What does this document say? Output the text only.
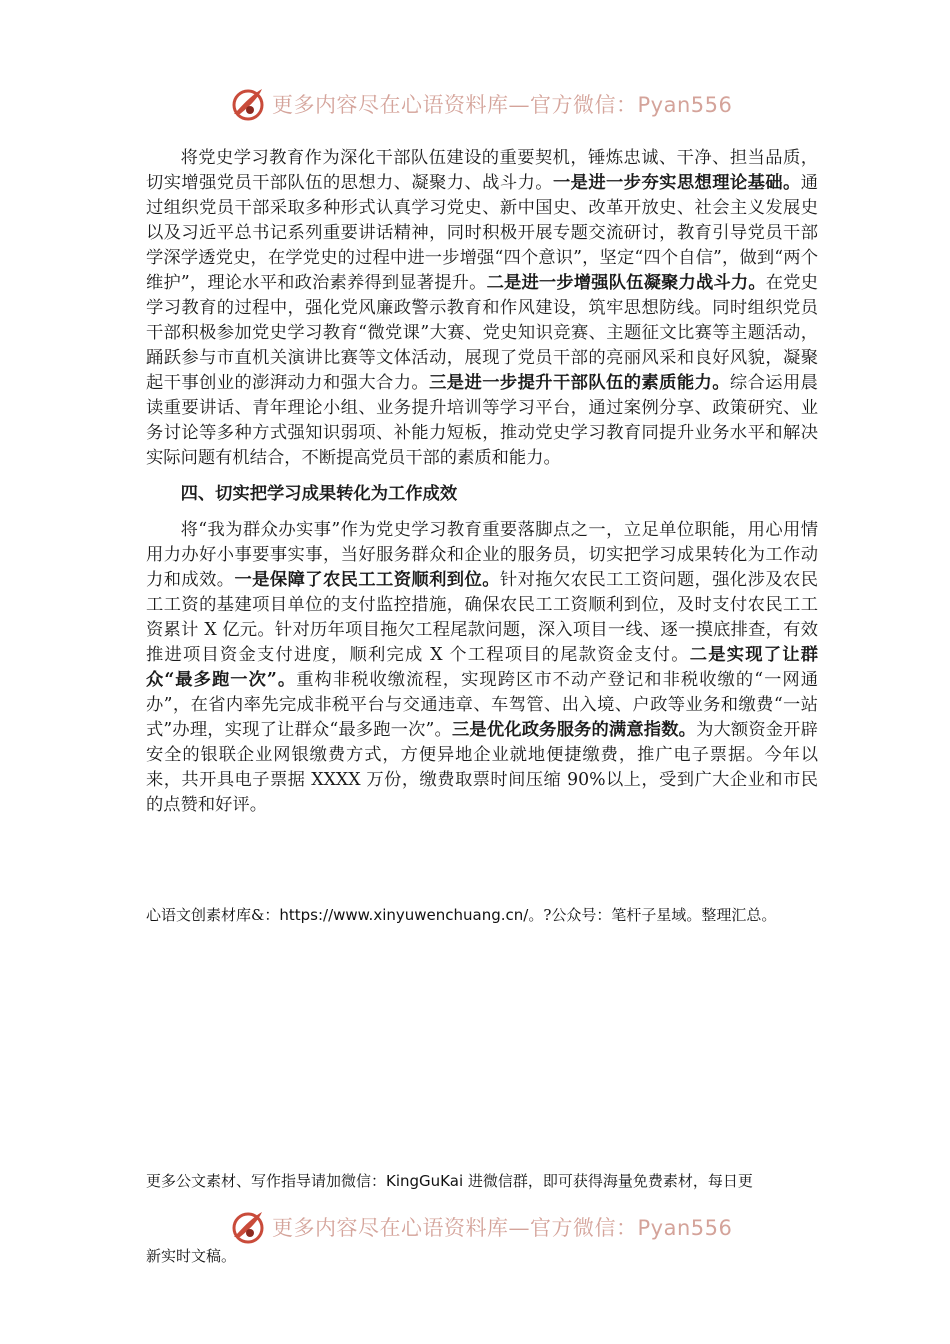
更多内容尽在心语资料库—官方微信：Pyan556

将党史学习教育作为深化干部队伍建设的重要契机，锤炼忠诚、干净、担当品质，切实增强党员干部队伍的思想力、凝聚力、战斗力。一是进一步夯实思想理论基础。通过组织党员干部采取多种形式认真学习党史、新中国史、改革开放史、社会主义发展史以及习近平总书记系列重要讲话精神，同时积极开展专题交流研讨，教育引导党员干部学深学透党史，在学党史的过程中进一步增强“四个意识”，坚定“四个自信”，做到“两个维护”，理论水平和政治素养得到显著提升。二是进一步增强队伍凝聚力战斗力。在党史学习教育的过程中，强化党风廉政警示教育和作风建设，筑牢思想防线。同时组织党员干部积极参加党史学习教育“微党课”大赛、党史知识竞赛、主题征文比赛等主题活动，踊跃参与市直机关演讲比赛等文体活动，展现了党员干部的亮丽风采和良好风貌，凝聚起干事创业的澎湃动力和强大合力。三是进一步提升干部队伍的素质能力。综合运用晨读重要讲话、青年理论小组、业务提升培训等学习平台，通过案例分享、政策研究、业务讨论等多种方式强知识弱项、补能力短板，推动党史学习教育同提升业务水平和解决实际问题有机结合，不断提高党员干部的素质和能力。

四、切实把学习成果转化为工作成效

将“我为群众办实事”作为党史学习教育重要落脚点之一，立足单位职能，用心用情用力办好小事要事实事，当好服务群众和企业的服务员，切实把学习成果转化为工作动力和成效。一是保障了农民工工资顺利到位。针对拖欠农民工工资问题，强化涉及农民工工资的基建项目单位的支付监控措施，确保农民工工资顺利到位，及时支付农民工工资累计 X 亿元。针对历年项目拖欠工程尾款问题，深入项目一线、逐一摸底排查，有效推进项目资金支付进度，顺利完成 X 个工程项目的尾款资金支付。二是实现了让群众“最多跑一次”。重构非税收缴流程，实现跨区市不动产登记和非税收缴的“一网通办”，在省内率先完成非税平台与交通违章、车驾管、出入境、户政等业务和缴费“一站式”办理，实现了让群众“最多跑一次”。三是优化政务服务的满意指数。为大额资金开辟安全的银联企业网银缴费方式，方便异地企业就地便捷缴费，推广电子票据。今年以来，共开具电子票据 XXXX 万份，缴费取票时间压缩 90%以上，受到广大企业和市民的点赞和好评。

心语文创素材库&：https://www.xinyuwenchuang.cn/。?公众号：笔杆子星域。整理汇总。
更多公文素材、写作指导请加微信：KingGuKai 进微信群，即可获得海量免费素材，每日更
更多内容尽在心语资料库—官方微信：Pyan556
新实时文稿。
